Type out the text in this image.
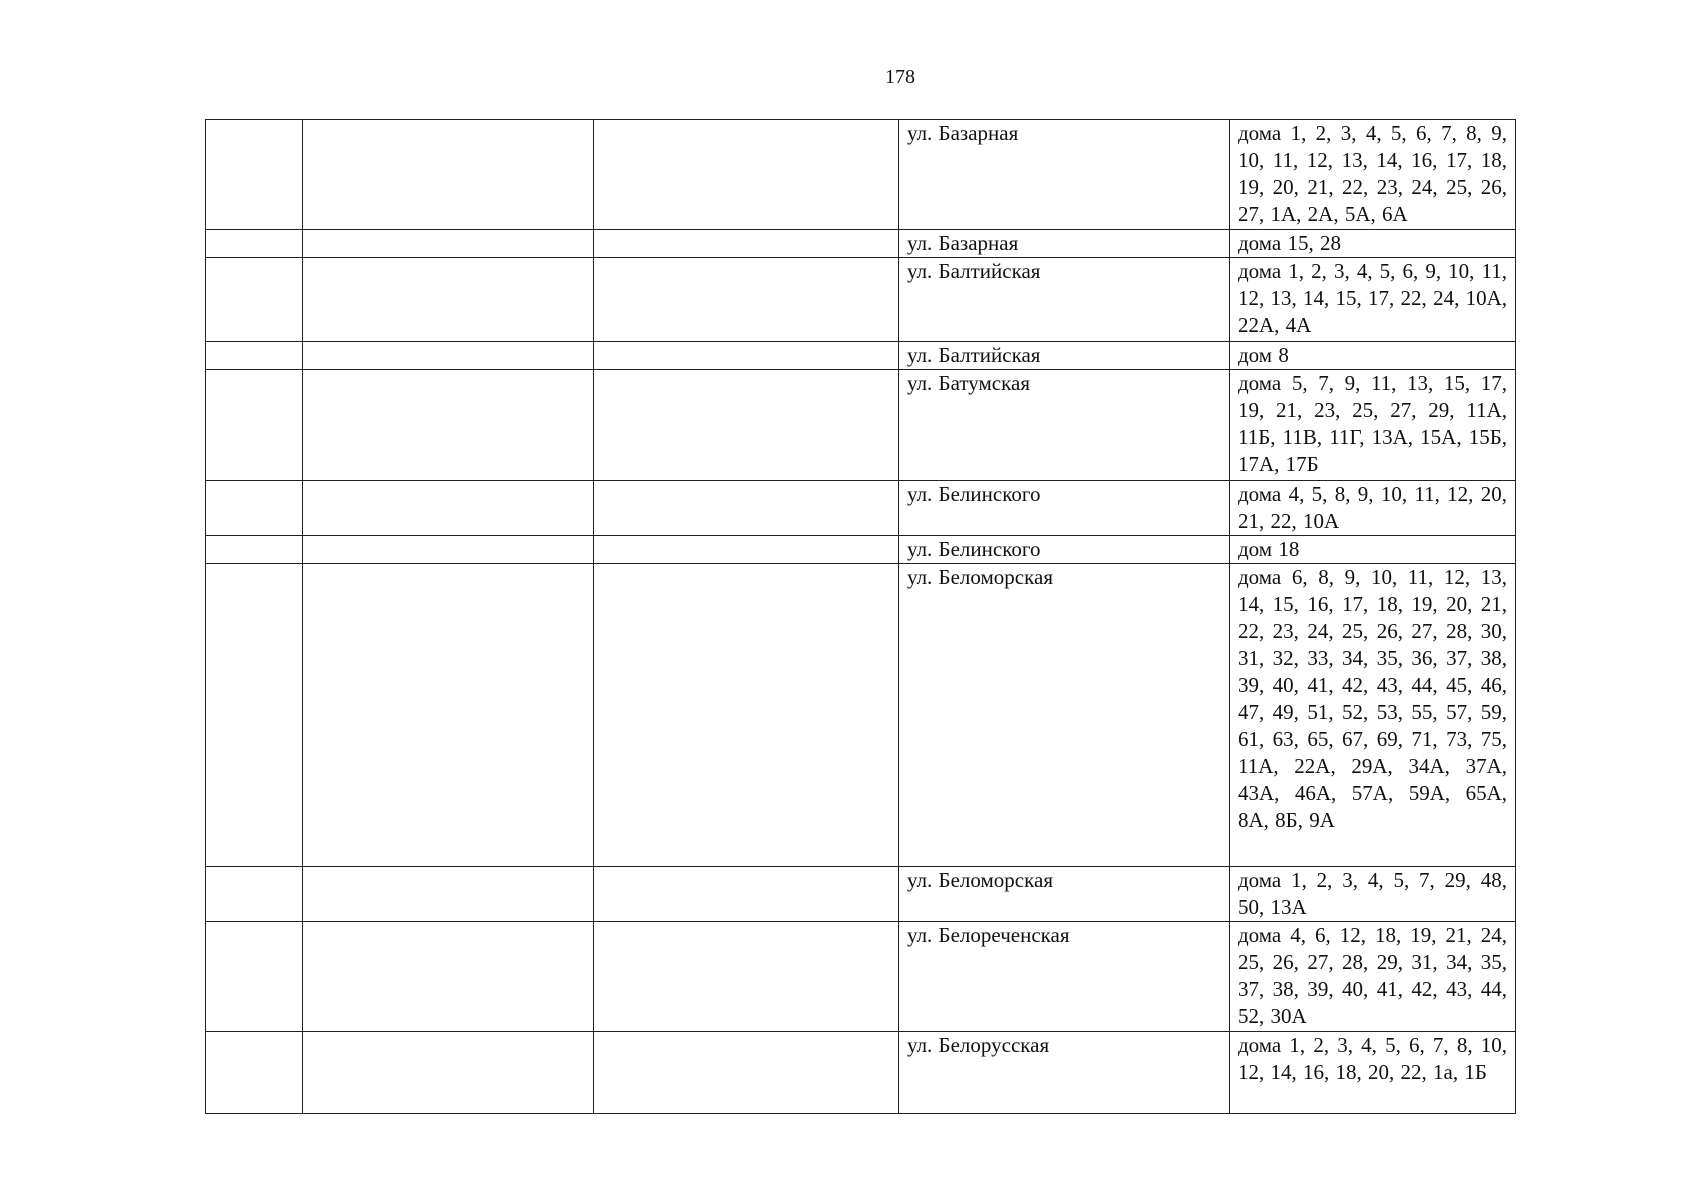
178
			ул. Базарная	дома 1, 2, 3, 4, 5, 6, 7, 8, 9, 10, 11, 12, 13, 14, 16, 17, 18, 19, 20, 21, 22, 23, 24, 25, 26, 27, 1А, 2А, 5А, 6А
			ул. Базарная	дома 15, 28
			ул. Балтийская	дома 1, 2, 3, 4, 5, 6, 9, 10, 11, 12, 13, 14, 15, 17, 22, 24, 10А, 22А, 4А
			ул. Балтийская	дом 8
			ул. Батумская	дома 5, 7, 9, 11, 13, 15, 17, 19, 21, 23, 25, 27, 29, 11А, 11Б, 11В, 11Г, 13А, 15А, 15Б, 17А, 17Б
			ул. Белинского	дома 4, 5, 8, 9, 10, 11, 12, 20, 21, 22, 10А
			ул. Белинского	дом 18
			ул. Беломорская	дома 6, 8, 9, 10, 11, 12, 13, 14, 15, 16, 17, 18, 19, 20, 21, 22, 23, 24, 25, 26, 27, 28, 30, 31, 32, 33, 34, 35, 36, 37, 38, 39, 40, 41, 42, 43, 44, 45, 46, 47, 49, 51, 52, 53, 55, 57, 59, 61, 63, 65, 67, 69, 71, 73, 75, 11А, 22А, 29А, 34А, 37А, 43А, 46А, 57А, 59А, 65А, 8А, 8Б, 9А
			ул. Беломорская	дома 1, 2, 3, 4, 5, 7, 29, 48, 50, 13А
			ул. Белореченская	дома 4, 6, 12, 18, 19, 21, 24, 25, 26, 27, 28, 29, 31, 34, 35, 37, 38, 39, 40, 41, 42, 43, 44, 52, 30А
			ул. Белорусская	дома 1, 2, 3, 4, 5, 6, 7, 8, 10, 12, 14, 16, 18, 20, 22, 1а, 1Б
